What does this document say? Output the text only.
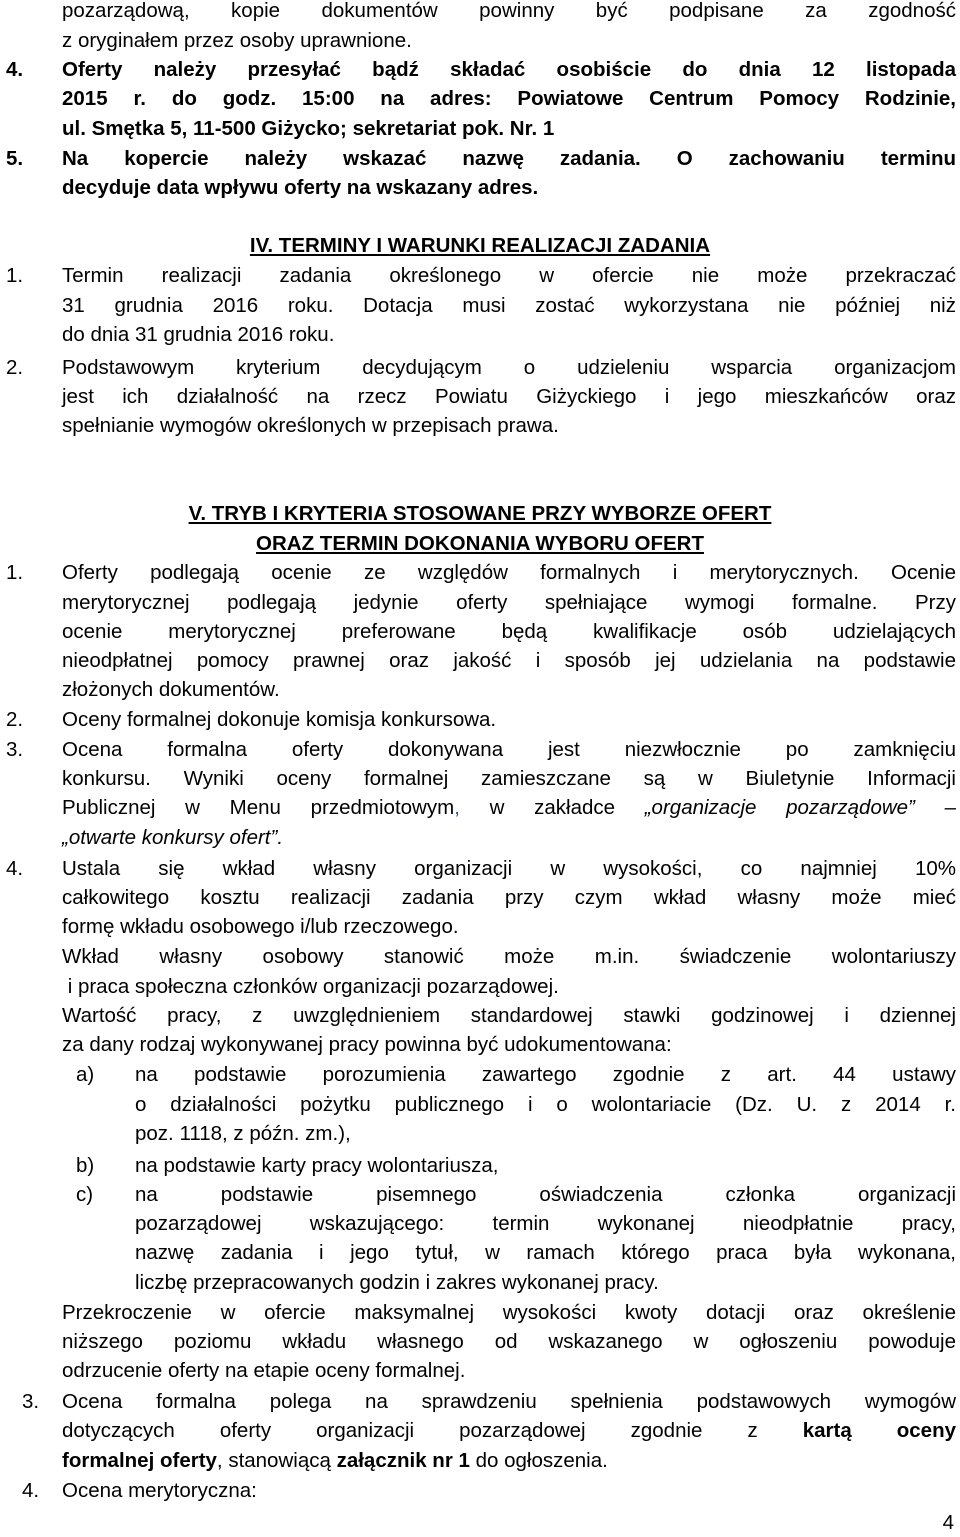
pozarządową, kopie dokumentów powinny być podpisane za zgodność
z oryginałem przez osoby uprawnione.
4. Oferty należy przesyłać bądź składać osobiście do dnia 12 listopada
2015 r. do godz. 15:00 na adres: Powiatowe Centrum Pomocy Rodzinie,
ul. Smętka 5, 11-500 Giżycko; sekretariat pok. Nr. 1
5. Na kopercie należy wskazać nazwę zadania. O zachowaniu terminu
decyduje data wpływu oferty na wskazany adres.
IV. TERMINY I WARUNKI REALIZACJI ZADANIA
1. Termin realizacji zadania określonego w ofercie nie może przekraczać
31 grudnia 2016 roku. Dotacja musi zostać wykorzystana nie później niż
do dnia 31 grudnia 2016 roku.
2. Podstawowym kryterium decydującym o udzieleniu wsparcia organizacjom
jest ich działalność na rzecz Powiatu Giżyckiego i jego mieszkańców oraz
spełnianie wymogów określonych w przepisach prawa.
V. TRYB I KRYTERIA STOSOWANE PRZY WYBORZE OFERT
ORAZ TERMIN DOKONANIA WYBORU OFERT
1. Oferty podlegają ocenie ze względów formalnych i merytorycznych. Ocenie
merytorycznej podlegają jedynie oferty spełniające wymogi formalne. Przy
ocenie merytorycznej preferowane będą kwalifikacje osób udzielających
nieodpłatnej pomocy prawnej oraz jakość i sposób jej udzielania na podstawie
złożonych dokumentów.
2. Oceny formalnej dokonuje komisja konkursowa.
3. Ocena formalna oferty dokonywana jest niezwłocznie po zamknięciu
konkursu. Wyniki oceny formalnej zamieszczane są w Biuletynie Informacji
Publicznej w Menu przedmiotowym, w zakładce „organizacje pozarządowe” –
„otwarte konkursy ofert”.
4. Ustala się wkład własny organizacji w wysokości, co najmniej 10%
całkowitego kosztu realizacji zadania przy czym wkład własny może mieć
formę wkładu osobowego i/lub rzeczowego.
Wkład własny osobowy stanowić może m.in. świadczenie wolontariuszy
i praca społeczna członków organizacji pozarządowej.
Wartość pracy, z uwzględnieniem standardowej stawki godzinowej i dziennej
za dany rodzaj wykonywanej pracy powinna być udokumentowana:
a) na podstawie porozumienia zawartego zgodnie z art. 44 ustawy
o działalności pożytku publicznego i o wolontariacie (Dz. U. z 2014 r.
poz. 1118, z późn. zm.),
b) na podstawie karty pracy wolontariusza,
c) na podstawie pisemnego oświadczenia członka organizacji
pozarządowej wskazującego: termin wykonanej nieodpłatnie pracy,
nazwę zadania i jego tytuł, w ramach którego praca była wykonana,
liczbę przepracowanych godzin i zakres wykonanej pracy.
Przekroczenie w ofercie maksymalnej wysokości kwoty dotacji oraz określenie
niższego poziomu wkładu własnego od wskazanego w ogłoszeniu powoduje
odrzucenie oferty na etapie oceny formalnej.
3. Ocena formalna polega na sprawdzeniu spełnienia podstawowych wymogów
dotyczących oferty organizacji pozarządowej zgodnie z kartą oceny
formalnej oferty, stanowiącą załącznik nr 1 do ogłoszenia.
4. Ocena merytoryczna:
4
